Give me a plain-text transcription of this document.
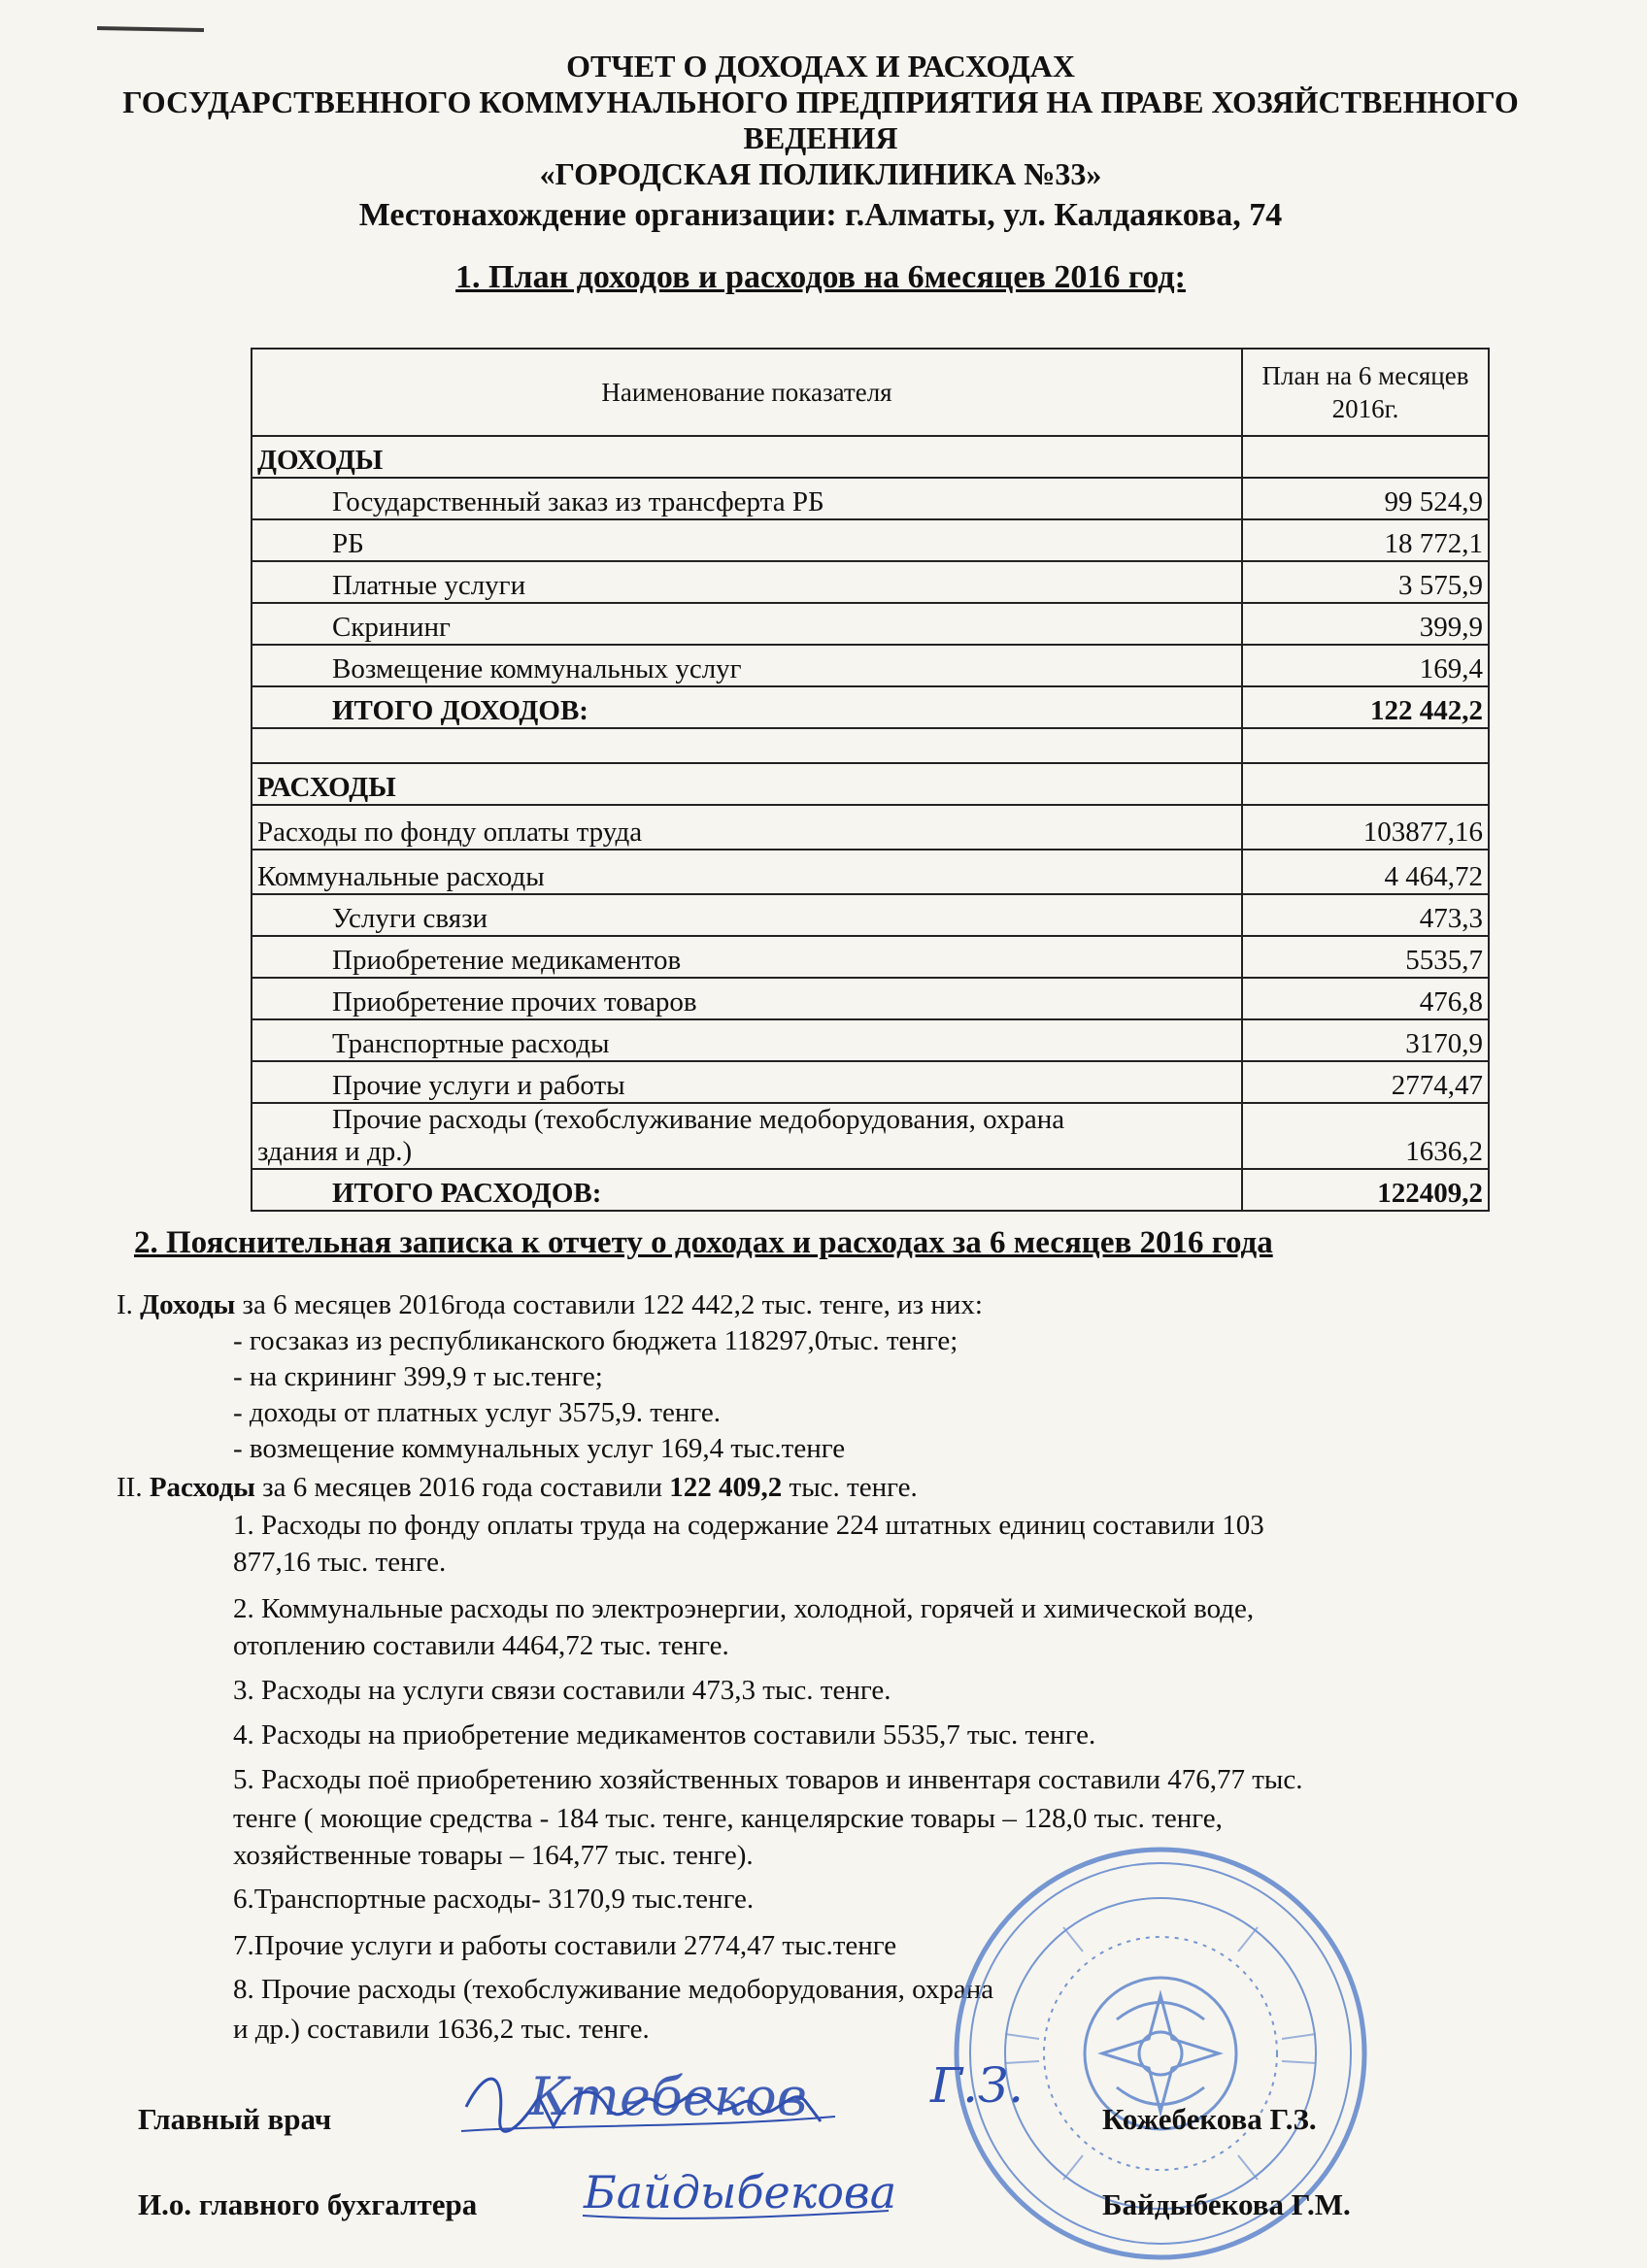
ОТЧЕТ О ДОХОДАХ И РАСХОДАХ
ГОСУДАРСТВЕННОГО КОММУНАЛЬНОГО ПРЕДПРИЯТИЯ НА ПРАВЕ ХОЗЯЙСТВЕННОГО
ВЕДЕНИЯ
«ГОРОДСКАЯ ПОЛИКЛИНИКА №33»
Местонахождение организации: г.Алматы, ул. Калдаякова, 74
1. План доходов и расходов на 6месяцев 2016 год:
Наименование показателя	План на 6 месяцев 2016г.
ДОХОДЫ	
Государственный заказ из трансферта РБ	99 524,9
РБ	18 772,1
Платные услуги	3 575,9
Скрининг	399,9
Возмещение коммунальных услуг	169,4
ИТОГО ДОХОДОВ:	122 442,2

РАСХОДЫ	
Расходы по фонду оплаты труда	103877,16
Коммунальные расходы	4 464,72
Услуги связи	473,3
Приобретение медикаментов	5535,7
Приобретение прочих товаров	476,8
Транспортные расходы	3170,9
Прочие услуги и работы	2774,47

Прочие расходы (техобслуживание медоборудования, охрана
здания и др.)	1636,2
ИТОГО РАСХОДОВ:	122409,2
2. Пояснительная записка к отчету о доходах и расходах за 6 месяцев 2016 года
I. Доходы за 6 месяцев 2016года составили 122 442,2 тыс. тенге, из них:
- госзаказ из республиканского бюджета 118297,0тыс. тенге;
- на скрининг 399,9 т ыс.тенге;
- доходы от платных услуг 3575,9. тенге.
- возмещение коммунальных услуг 169,4 тыс.тенге
II. Расходы за 6 месяцев 2016 года составили 122 409,2 тыс. тенге.
1. Расходы по фонду оплаты труда на содержание 224 штатных единиц составили 103
877,16 тыс. тенге.
2. Коммунальные расходы по электроэнергии, холодной, горячей и химической воде,
отоплению составили 4464,72 тыс. тенге.
3. Расходы на услуги связи составили 473,3 тыс. тенге.
4. Расходы на приобретение медикаментов составили 5535,7 тыс. тенге.
5. Расходы поё приобретению хозяйственных товаров и инвентаря составили 476,77 тыс.
тенге ( моющие средства - 184 тыс. тенге, канцелярские товары – 128,0 тыс. тенге,
хозяйственные товары – 164,77 тыс. тенге).
6.Транспортные расходы- 3170,9 тыс.тенге.
7.Прочие услуги и работы составили 2774,47 тыс.тенге
8. Прочие расходы (техобслуживание медоборудования, охрана
и др.) составили 1636,2 тыс. тенге.
Главный врач	Ктебеков	Г.З.
Кожебекова Г.З.
И.о. главного бухгалтера Байдыбекова	Байдыбекова Г.М.
